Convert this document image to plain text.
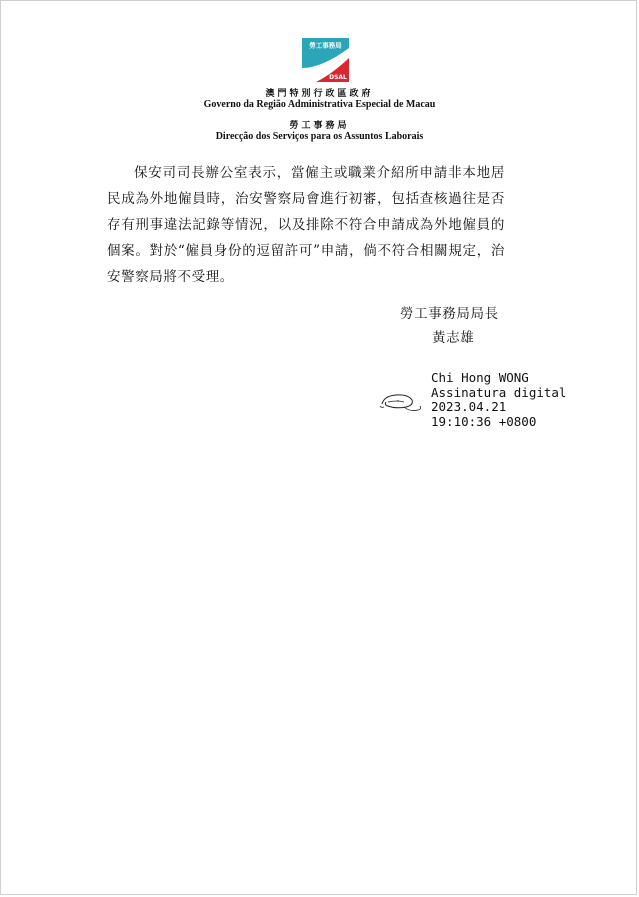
勞工事務局
DSAL
澳門特別行政區政府
Governo da Região Administrativa Especial de Macau
勞工事務局
Direcção dos Serviços para os Assuntos Laborais
保安司司長辦公室表示，當僱主或職業介紹所申請非本地居民成為外地僱員時，治安警察局會進行初審，包括查核過往是否存有刑事違法記錄等情況，以及排除不符合申請成為外地僱員的個案。對於“僱員身份的逗留許可”申請，倘不符合相關規定，治安警察局將不受理。
勞工事務局局長
黃志雄
Chi Hong WONG
Assinatura digital
2023.04.21
19:10:36 +0800
